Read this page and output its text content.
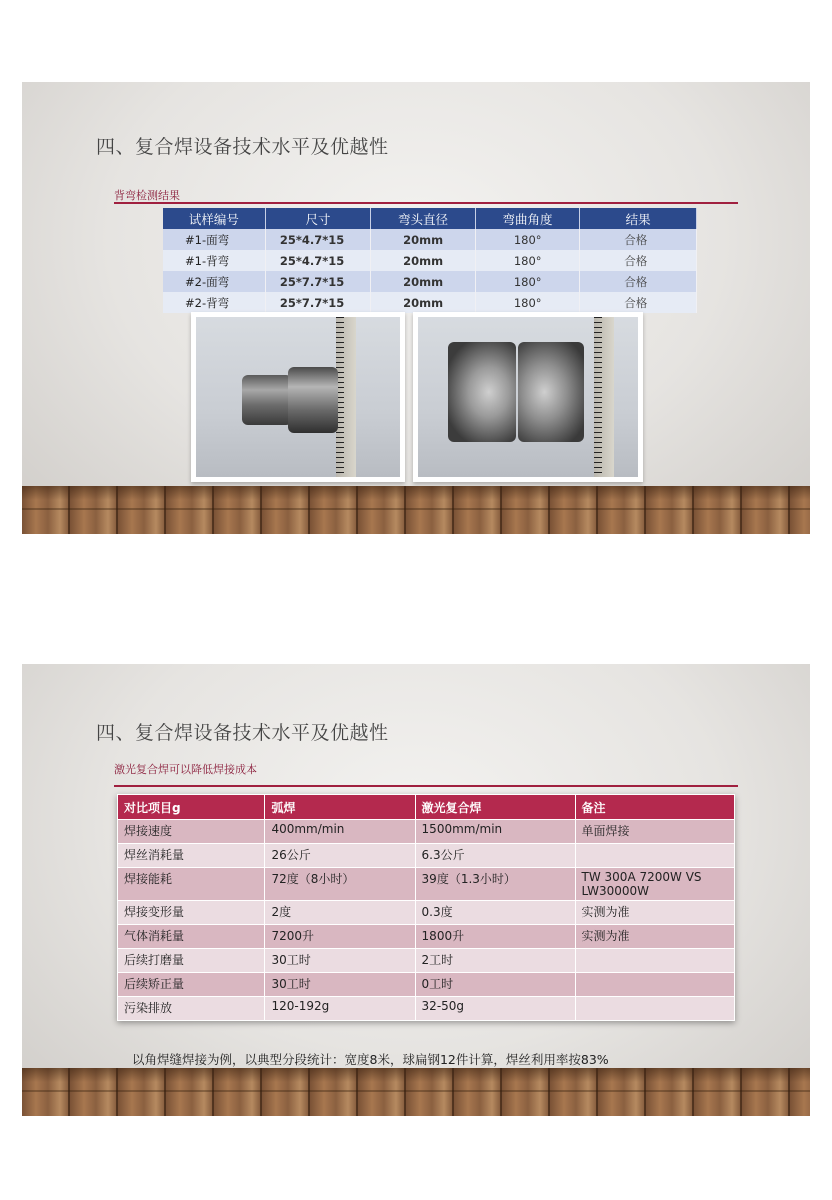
四、复合焊设备技术水平及优越性
背弯检测结果
试样编号	尺寸	弯头直径	弯曲角度	结果
#1-面弯	25*4.7*15	20mm	180°	合格
#1-背弯	25*4.7*15	20mm	180°	合格
#2-面弯	25*7.7*15	20mm	180°	合格
#2-背弯	25*7.7*15	20mm	180°	合格
四、复合焊设备技术水平及优越性
激光复合焊可以降低焊接成本
对比项目g	弧焊	激光复合焊	备注
焊接速度	400mm/min	1500mm/min	单面焊接
焊丝消耗量	26公斤	6.3公斤	
焊接能耗	72度（8小时）	39度（1.3小时）	TW 300A 7200W VS LW30000W
焊接变形量	2度	0.3度	实测为准
气体消耗量	7200升	1800升	实测为准
后续打磨量	30工时	2工时	
后续矫正量	30工时	0工时	
污染排放	120-192g	32-50g	
以角焊缝焊接为例，以典型分段统计：宽度8米，球扁钢12件计算，焊丝利用率按83%
